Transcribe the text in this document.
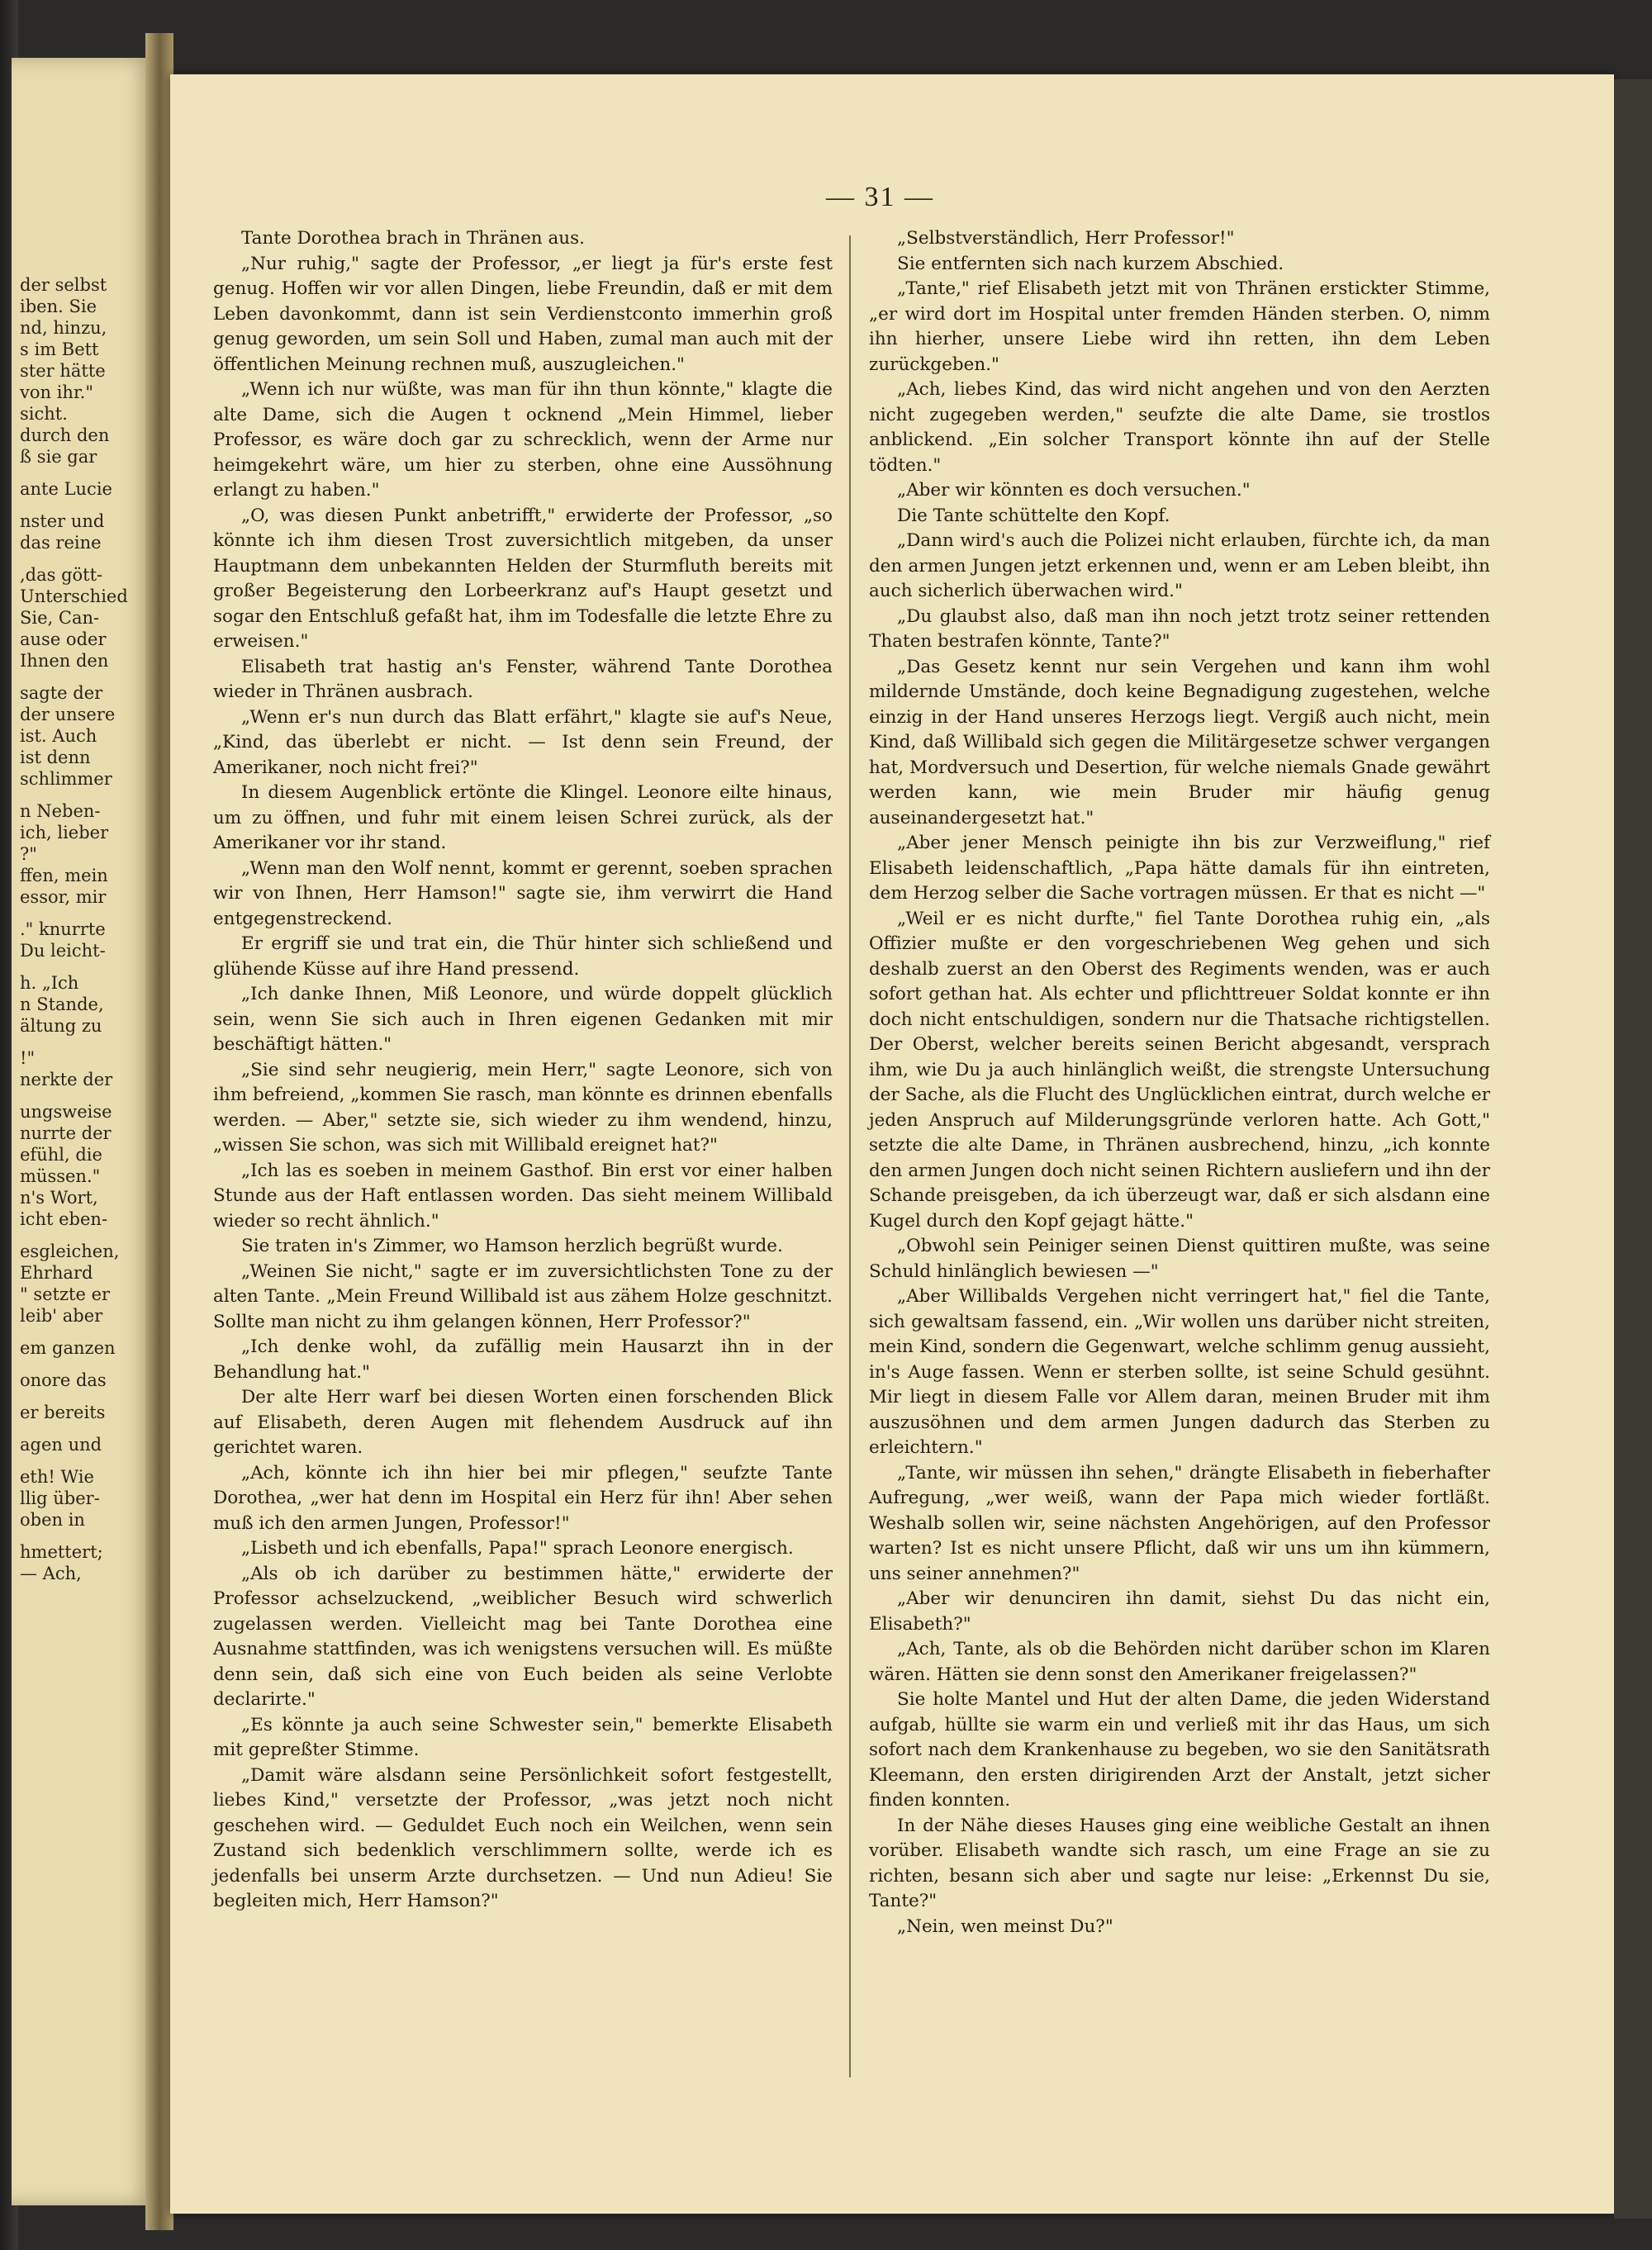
der selbst
iben. Sie
nd, hinzu,
s im Bett
ster hätte
von ihr."
sicht.
durch den
ß sie gar
ante Lucie
nster und
das reine
,das gött-
Unterschied
Sie, Can-
ause oder
Ihnen den
sagte der
der unsere
ist. Auch
ist denn
schlimmer
n Neben-
ich, lieber
?"
ffen, mein
essor, mir
." knurrte
Du leicht-
h. „Ich
n Stande,
ältung zu
!"
nerkte der
ungsweise
nurrte der
efühl, die
müssen."
n's Wort,
icht eben-
esgleichen,
Ehrhard
" setzte er
leib' aber
em ganzen
onore das
er bereits
agen und
eth! Wie
llig über-
oben in
hmettert;
— Ach,
— 31 —

Tante Dorothea brach in Thränen aus.

„Nur ruhig," sagte der Professor, „er liegt ja für's erste fest genug. Hoffen wir vor allen Dingen, liebe Freundin, daß er mit dem Leben davonkommt, dann ist sein Verdienstconto immerhin groß genug geworden, um sein Soll und Haben, zumal man auch mit der öffentlichen Meinung rechnen muß, auszugleichen."

„Wenn ich nur wüßte, was man für ihn thun könnte," klagte die alte Dame, sich die Augen t ocknend „Mein Himmel, lieber Professor, es wäre doch gar zu schrecklich, wenn der Arme nur heimgekehrt wäre, um hier zu sterben, ohne eine Aussöhnung erlangt zu haben."

„O, was diesen Punkt anbetrifft," erwiderte der Professor, „so könnte ich ihm diesen Trost zuversichtlich mitgeben, da unser Hauptmann dem unbekannten Helden der Sturmfluth bereits mit großer Begeisterung den Lorbeerkranz auf's Haupt gesetzt und sogar den Entschluß gefaßt hat, ihm im Todesfalle die letzte Ehre zu erweisen."

Elisabeth trat hastig an's Fenster, während Tante Dorothea wieder in Thränen ausbrach.

„Wenn er's nun durch das Blatt erfährt," klagte sie auf's Neue, „Kind, das überlebt er nicht. — Ist denn sein Freund, der Amerikaner, noch nicht frei?"

In diesem Augenblick ertönte die Klingel. Leonore eilte hinaus, um zu öffnen, und fuhr mit einem leisen Schrei zurück, als der Amerikaner vor ihr stand.

„Wenn man den Wolf nennt, kommt er gerennt, soeben sprachen wir von Ihnen, Herr Hamson!" sagte sie, ihm verwirrt die Hand entgegenstreckend.

Er ergriff sie und trat ein, die Thür hinter sich schließend und glühende Küsse auf ihre Hand pressend.

„Ich danke Ihnen, Miß Leonore, und würde doppelt glücklich sein, wenn Sie sich auch in Ihren eigenen Gedanken mit mir beschäftigt hätten."

„Sie sind sehr neugierig, mein Herr," sagte Leonore, sich von ihm befreiend, „kommen Sie rasch, man könnte es drinnen ebenfalls werden. — Aber," setzte sie, sich wieder zu ihm wendend, hinzu, „wissen Sie schon, was sich mit Willibald ereignet hat?"

„Ich las es soeben in meinem Gasthof. Bin erst vor einer halben Stunde aus der Haft entlassen worden. Das sieht meinem Willibald wieder so recht ähnlich."

Sie traten in's Zimmer, wo Hamson herzlich begrüßt wurde.

„Weinen Sie nicht," sagte er im zuversichtlichsten Tone zu der alten Tante. „Mein Freund Willibald ist aus zähem Holze geschnitzt. Sollte man nicht zu ihm gelangen können, Herr Professor?"

„Ich denke wohl, da zufällig mein Hausarzt ihn in der Behandlung hat."

Der alte Herr warf bei diesen Worten einen forschenden Blick auf Elisabeth, deren Augen mit flehendem Ausdruck auf ihn gerichtet waren.

„Ach, könnte ich ihn hier bei mir pflegen," seufzte Tante Dorothea, „wer hat denn im Hospital ein Herz für ihn! Aber sehen muß ich den armen Jungen, Professor!"

„Lisbeth und ich ebenfalls, Papa!" sprach Leonore energisch.

„Als ob ich darüber zu bestimmen hätte," erwiderte der Professor achselzuckend, „weiblicher Besuch wird schwerlich zugelassen werden. Vielleicht mag bei Tante Dorothea eine Ausnahme stattfinden, was ich wenigstens versuchen will. Es müßte denn sein, daß sich eine von Euch beiden als seine Verlobte declarirte."

„Es könnte ja auch seine Schwester sein," bemerkte Elisabeth mit gepreßter Stimme.

„Damit wäre alsdann seine Persönlichkeit sofort festgestellt, liebes Kind," versetzte der Professor, „was jetzt noch nicht geschehen wird. — Geduldet Euch noch ein Weilchen, wenn sein Zustand sich bedenklich verschlimmern sollte, werde ich es jedenfalls bei unserm Arzte durchsetzen. — Und nun Adieu! Sie begleiten mich, Herr Hamson?"

„Selbstverständlich, Herr Professor!"

Sie entfernten sich nach kurzem Abschied.

„Tante," rief Elisabeth jetzt mit von Thränen erstickter Stimme, „er wird dort im Hospital unter fremden Händen sterben. O, nimm ihn hierher, unsere Liebe wird ihn retten, ihn dem Leben zurückgeben."

„Ach, liebes Kind, das wird nicht angehen und von den Aerzten nicht zugegeben werden," seufzte die alte Dame, sie trostlos anblickend. „Ein solcher Transport könnte ihn auf der Stelle tödten."

„Aber wir könnten es doch versuchen."

Die Tante schüttelte den Kopf.

„Dann wird's auch die Polizei nicht erlauben, fürchte ich, da man den armen Jungen jetzt erkennen und, wenn er am Leben bleibt, ihn auch sicherlich überwachen wird."

„Du glaubst also, daß man ihn noch jetzt trotz seiner rettenden Thaten bestrafen könnte, Tante?"

„Das Gesetz kennt nur sein Vergehen und kann ihm wohl mildernde Umstände, doch keine Begnadigung zugestehen, welche einzig in der Hand unseres Herzogs liegt. Vergiß auch nicht, mein Kind, daß Willibald sich gegen die Militärgesetze schwer vergangen hat, Mordversuch und Desertion, für welche niemals Gnade gewährt werden kann, wie mein Bruder mir häufig genug auseinandergesetzt hat."

„Aber jener Mensch peinigte ihn bis zur Verzweiflung," rief Elisabeth leidenschaftlich, „Papa hätte damals für ihn eintreten, dem Herzog selber die Sache vortragen müssen. Er that es nicht —"

„Weil er es nicht durfte," fiel Tante Dorothea ruhig ein, „als Offizier mußte er den vorgeschriebenen Weg gehen und sich deshalb zuerst an den Oberst des Regiments wenden, was er auch sofort gethan hat. Als echter und pflichttreuer Soldat konnte er ihn doch nicht entschuldigen, sondern nur die Thatsache richtigstellen. Der Oberst, welcher bereits seinen Bericht abgesandt, versprach ihm, wie Du ja auch hinlänglich weißt, die strengste Untersuchung der Sache, als die Flucht des Unglücklichen eintrat, durch welche er jeden Anspruch auf Milderungsgründe verloren hatte. Ach Gott," setzte die alte Dame, in Thränen ausbrechend, hinzu, „ich konnte den armen Jungen doch nicht seinen Richtern ausliefern und ihn der Schande preisgeben, da ich überzeugt war, daß er sich alsdann eine Kugel durch den Kopf gejagt hätte."

„Obwohl sein Peiniger seinen Dienst quittiren mußte, was seine Schuld hinlänglich bewiesen —"

„Aber Willibalds Vergehen nicht verringert hat," fiel die Tante, sich gewaltsam fassend, ein. „Wir wollen uns darüber nicht streiten, mein Kind, sondern die Gegenwart, welche schlimm genug aussieht, in's Auge fassen. Wenn er sterben sollte, ist seine Schuld gesühnt. Mir liegt in diesem Falle vor Allem daran, meinen Bruder mit ihm auszusöhnen und dem armen Jungen dadurch das Sterben zu erleichtern."

„Tante, wir müssen ihn sehen," drängte Elisabeth in fieberhafter Aufregung, „wer weiß, wann der Papa mich wieder fortläßt. Weshalb sollen wir, seine nächsten Angehörigen, auf den Professor warten? Ist es nicht unsere Pflicht, daß wir uns um ihn kümmern, uns seiner annehmen?"

„Aber wir denunciren ihn damit, siehst Du das nicht ein, Elisabeth?"

„Ach, Tante, als ob die Behörden nicht darüber schon im Klaren wären. Hätten sie denn sonst den Amerikaner freigelassen?"

Sie holte Mantel und Hut der alten Dame, die jeden Widerstand aufgab, hüllte sie warm ein und verließ mit ihr das Haus, um sich sofort nach dem Krankenhause zu begeben, wo sie den Sanitätsrath Kleemann, den ersten dirigirenden Arzt der Anstalt, jetzt sicher finden konnten.

In der Nähe dieses Hauses ging eine weibliche Gestalt an ihnen vorüber. Elisabeth wandte sich rasch, um eine Frage an sie zu richten, besann sich aber und sagte nur leise: „Erkennst Du sie, Tante?"

„Nein, wen meinst Du?"
